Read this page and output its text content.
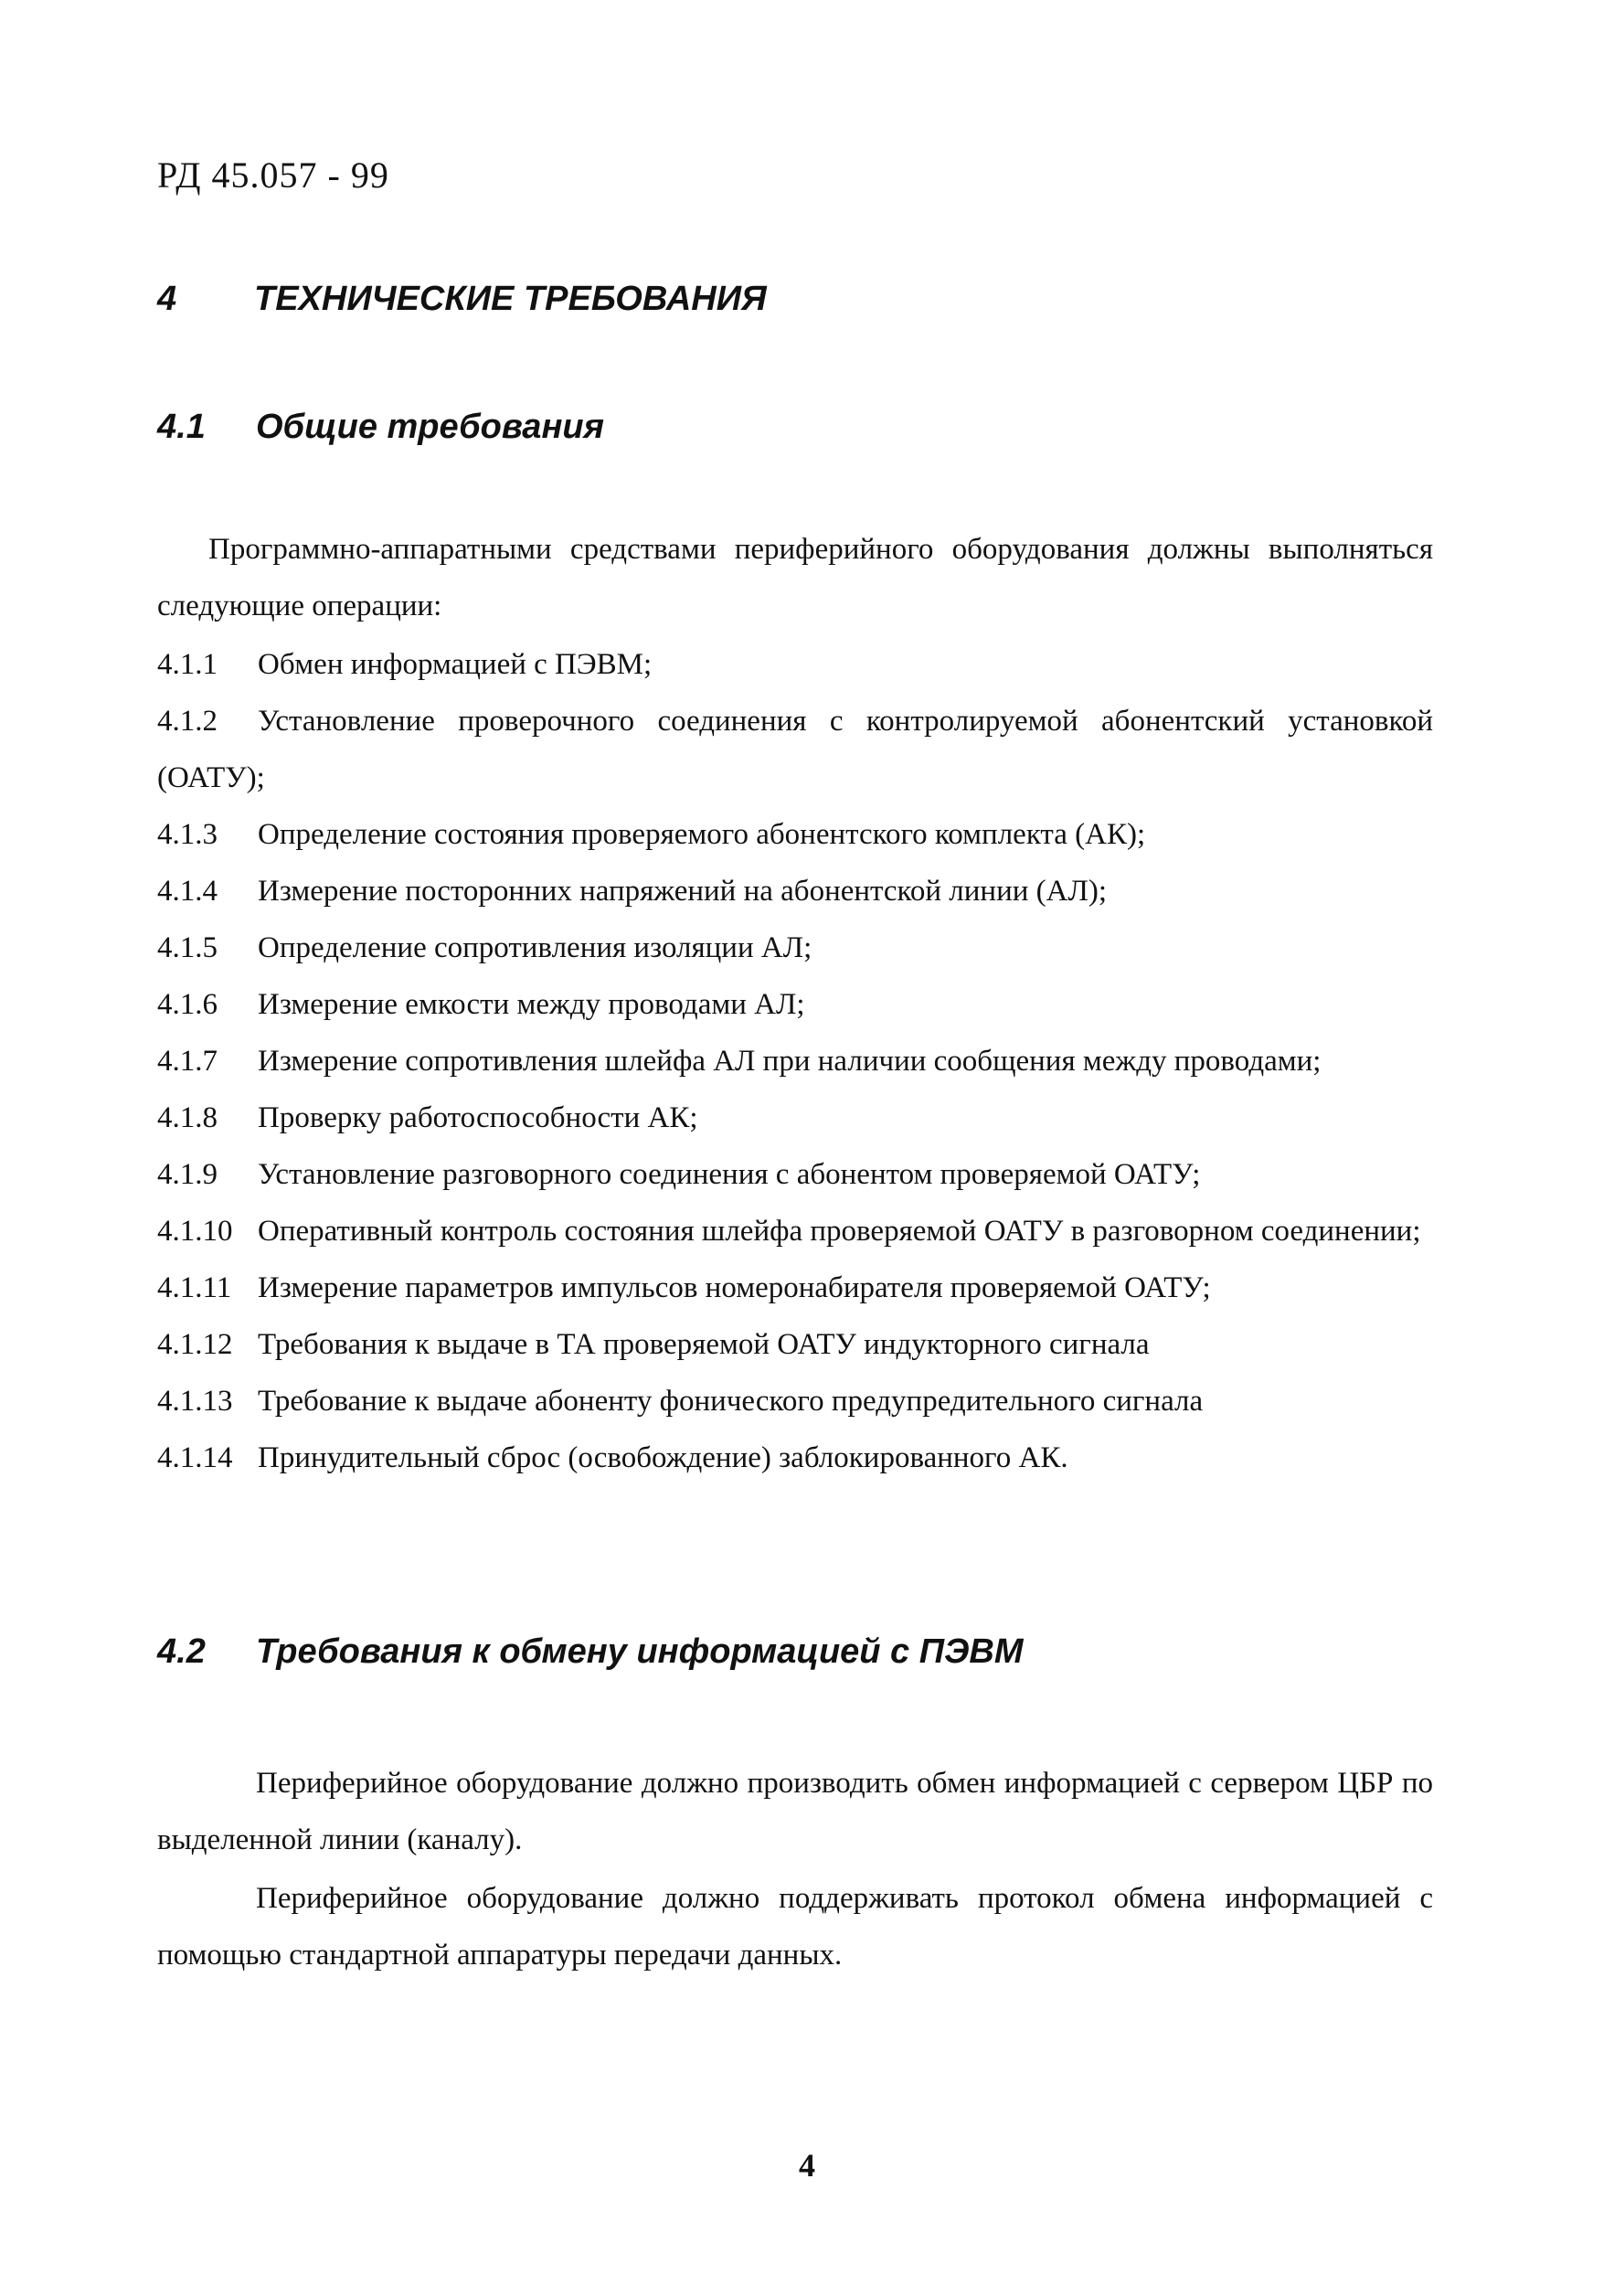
РД 45.057 - 99
4 ТЕХНИЧЕСКИЕ ТРЕБОВАНИЯ
4.1 Общие требования
Программно-аппаратными средствами периферийного оборудования должны выполняться следующие операции:
4.1.1 Обмен информацией с ПЭВМ;
4.1.2 Установление проверочного соединения с контролируемой абонентский установкой (ОАТУ);
4.1.3 Определение состояния проверяемого абонентского комплекта (АК);
4.1.4 Измерение посторонних напряжений на абонентской линии (АЛ);
4.1.5 Определение сопротивления изоляции АЛ;
4.1.6 Измерение емкости между проводами АЛ;
4.1.7 Измерение сопротивления шлейфа АЛ при наличии сообщения между проводами;
4.1.8 Проверку работоспособности АК;
4.1.9 Установление разговорного соединения с абонентом проверяемой ОАТУ;
4.1.10 Оперативный контроль состояния шлейфа проверяемой ОАТУ в разговорном соединении;
4.1.11 Измерение параметров импульсов номеронабирателя проверяемой ОАТУ;
4.1.12 Требования к выдаче в ТА проверяемой ОАТУ индукторного сигнала
4.1.13 Требование к выдаче абоненту фонического предупредительного сигнала
4.1.14 Принудительный сброс (освобождение) заблокированного АК.
4.2 Требования к обмену информацией с ПЭВМ
Периферийное оборудование должно производить обмен информацией с сервером ЦБР по выделенной линии (каналу).
Периферийное оборудование должно поддерживать протокол обмена информацией с помощью стандартной аппаратуры передачи данных.
4
